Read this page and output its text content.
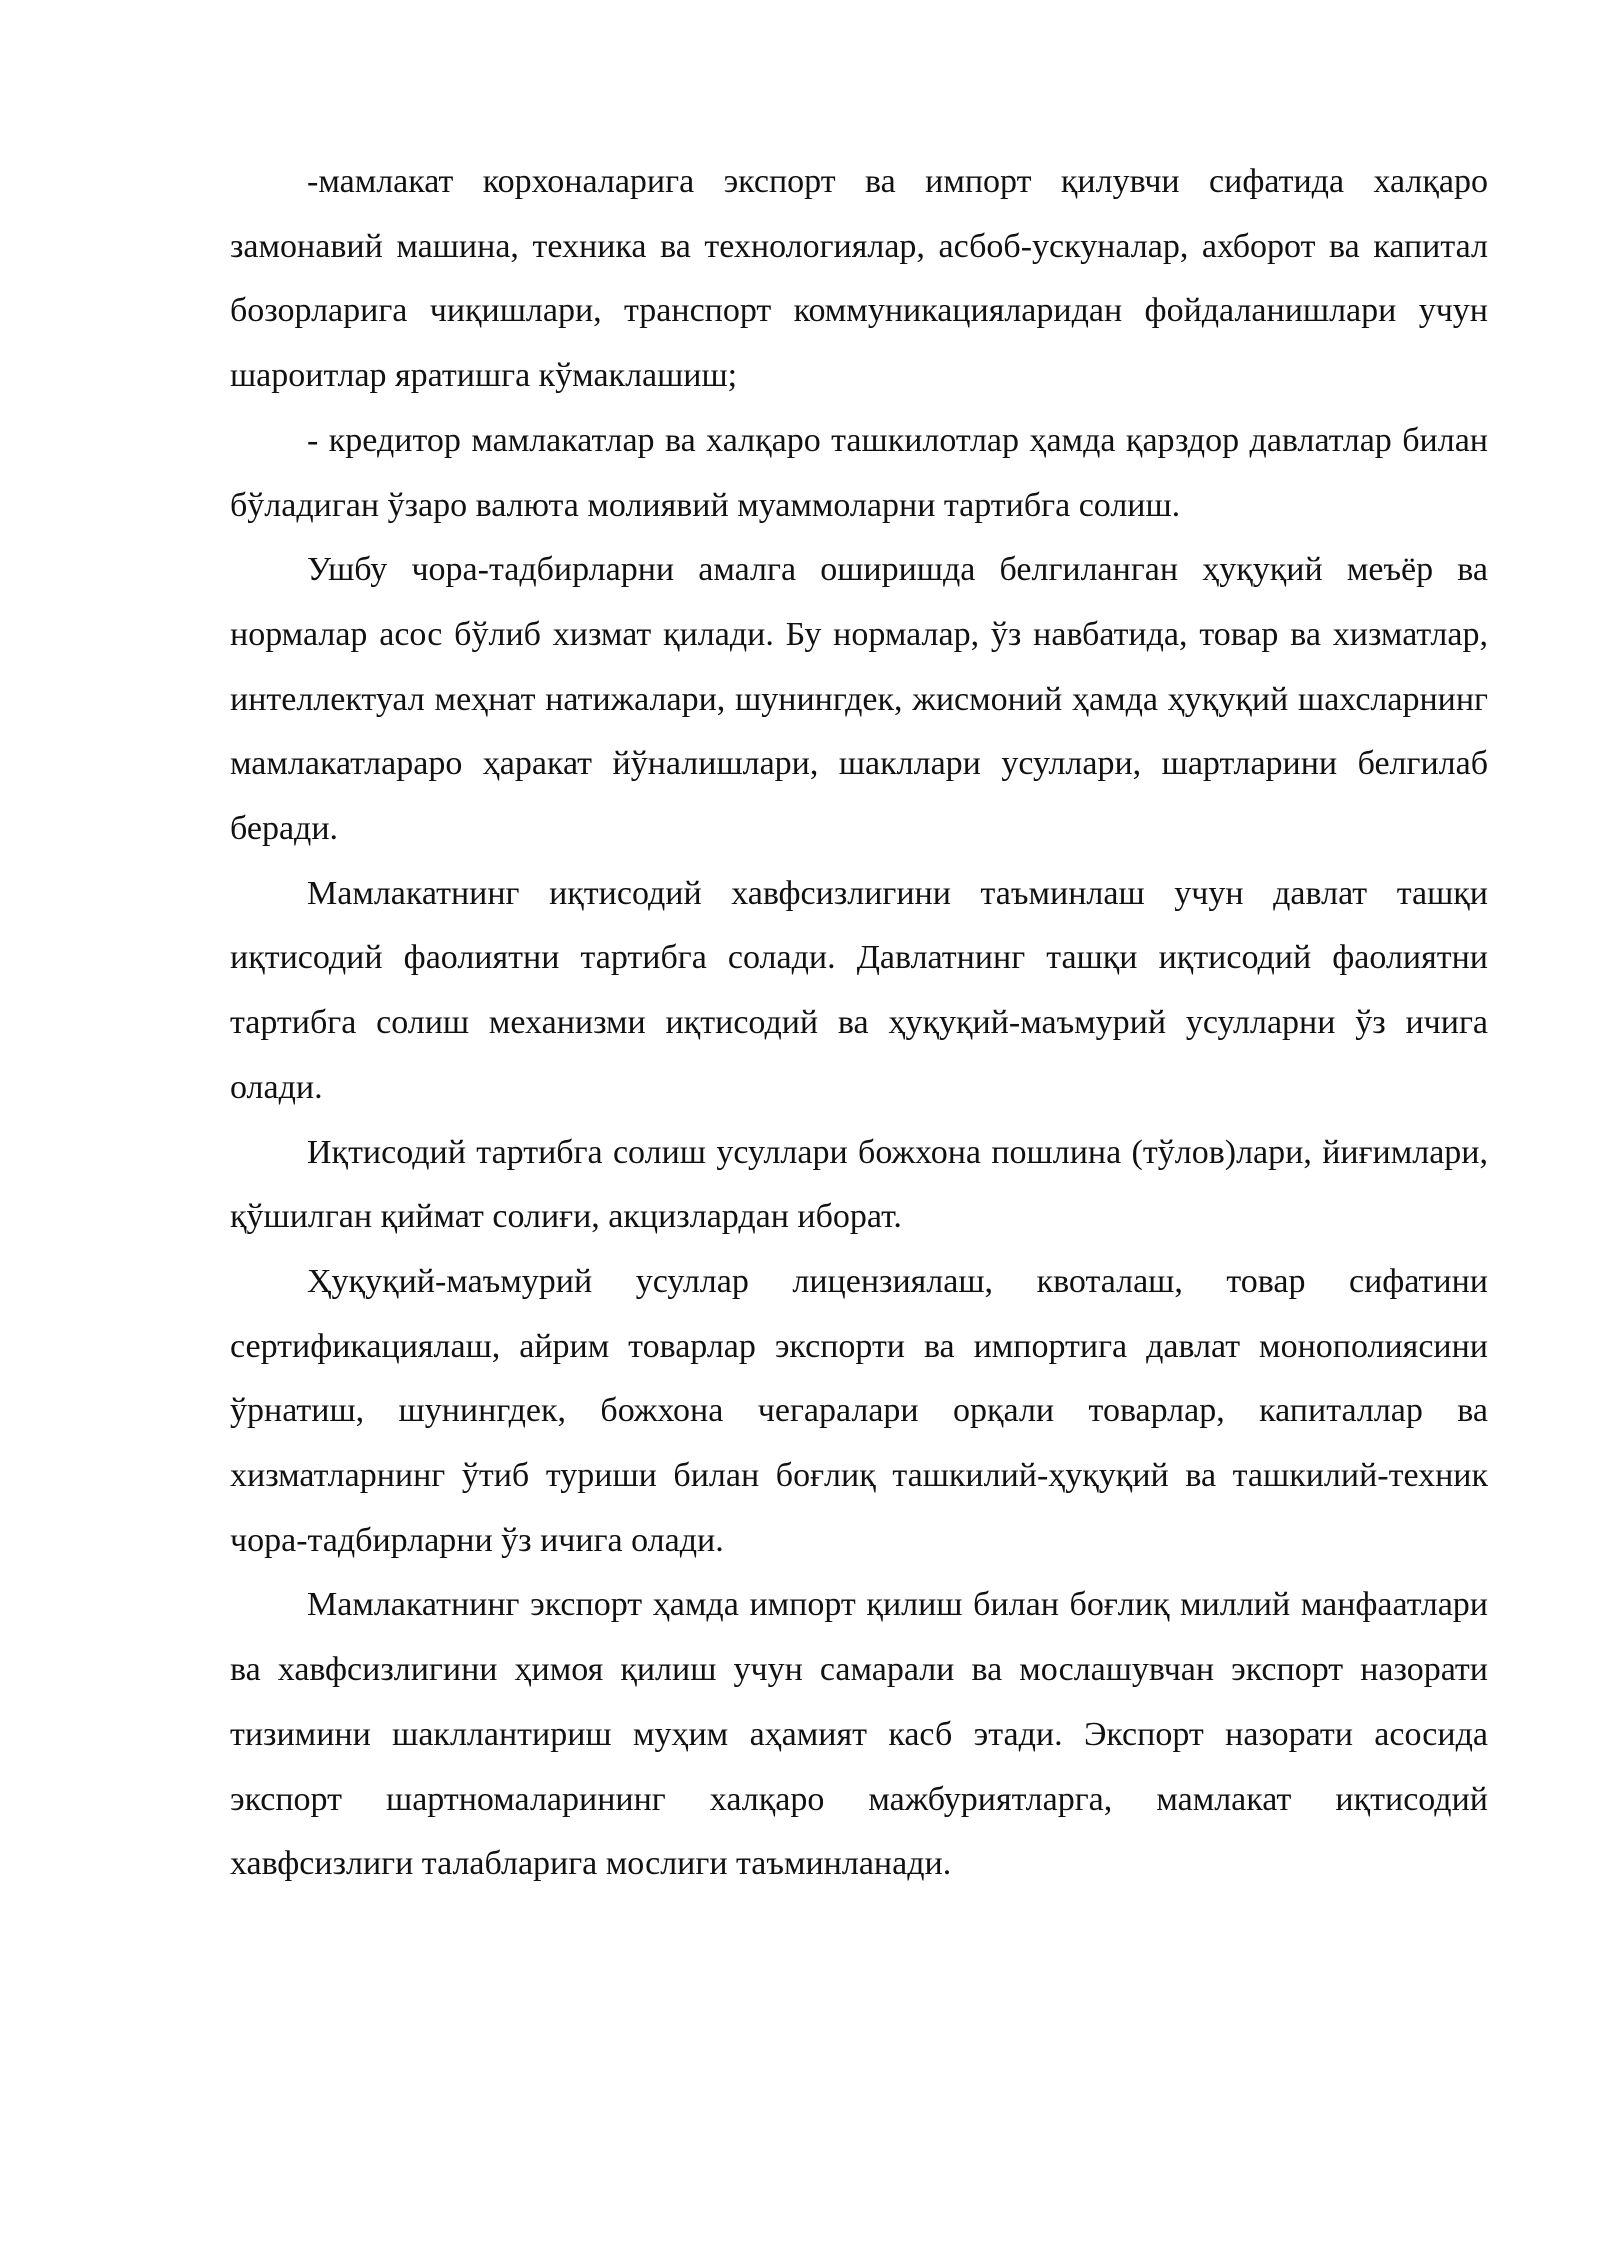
-мамлакат корхоналарига экспорт ва импорт қилувчи сифатида халқаро замонавий машина, техника ва технологиялар, асбоб-ускуналар, ахборот ва капитал бозорларига чиқишлари, транспорт коммуникацияларидан фойдаланишлари учун шароитлар яратишга кўмаклашиш;

- кредитор мамлакатлар ва халқаро ташкилотлар ҳамда қарздор давлатлар билан бўладиган ўзаро валюта молиявий муаммоларни тартибга солиш.

Ушбу чора-тадбирларни амалга оширишда белгиланган ҳуқуқий меъёр ва нормалар асос бўлиб хизмат қилади. Бу нормалар, ўз навбатида, товар ва хизматлар, интеллектуал меҳнат натижалари, шунингдек, жисмоний ҳамда ҳуқуқий шахсларнинг мамлакатлараро ҳаракат йўналишлари, шакллари усуллари, шартларини белгилаб беради.

Мамлакатнинг иқтисодий хавфсизлигини таъминлаш учун давлат ташқи иқтисодий фаолиятни тартибга солади. Давлатнинг ташқи иқтисодий фаолиятни тартибга солиш механизми иқтисодий ва ҳуқуқий-маъмурий усулларни ўз ичига олади.

Иқтисодий тартибга солиш усуллари божхона пошлина (тўлов)лари, йиғимлари, қўшилган қиймат солиғи, акцизлардан иборат.

Ҳуқуқий-маъмурий усуллар лицензиялаш, квоталаш, товар сифатини сертификациялаш, айрим товарлар экспорти ва импортига давлат монополиясини ўрнатиш, шунингдек, божхона чегаралари орқали товарлар, капиталлар ва хизматларнинг ўтиб туриши билан боғлиқ ташкилий-ҳуқуқий ва ташкилий-техник чора-тадбирларни ўз ичига олади.

Мамлакатнинг экспорт ҳамда импорт қилиш билан боғлиқ миллий манфаатлари ва хавфсизлигини ҳимоя қилиш учун самарали ва мослашувчан экспорт назорати тизимини шакллантириш муҳим аҳамият касб этади. Экспорт назорати асосида экспорт шартномаларининг халқаро мажбуриятларга, мамлакат иқтисодий хавфсизлиги талабларига мослиги таъминланади.
